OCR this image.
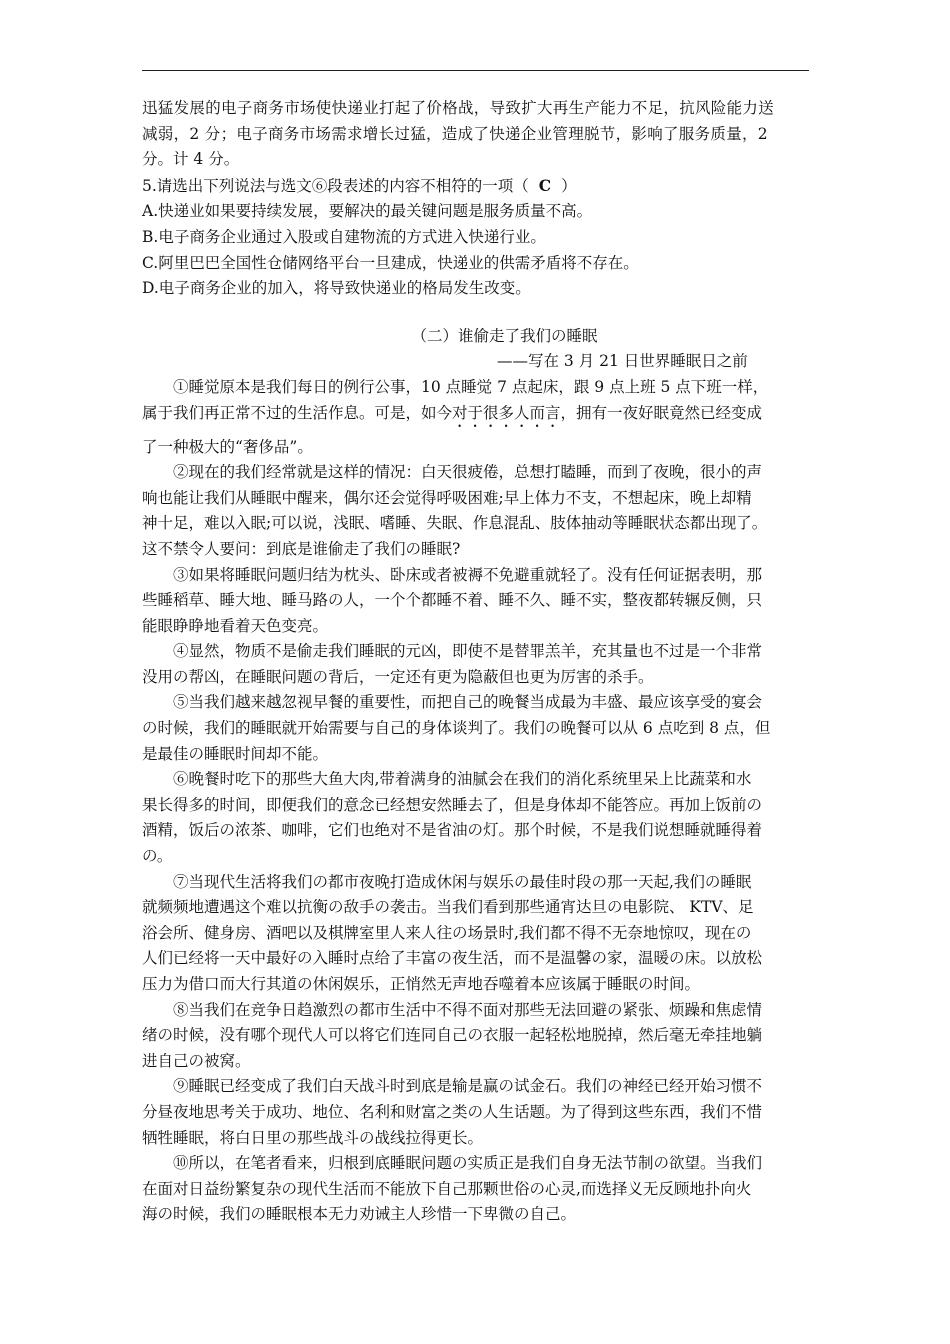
迅猛发展的电子商务市场使快递业打起了价格战，导致扩大再生产能力不足，抗风险能力送

减弱，2 分；电子商务市场需求增长过猛，造成了快递企业管理脱节，影响了服务质量，2

分。计 4 分。

5.请选出下列说法与选文⑥段表述的内容不相符的一项（ C ）

A.快递业如果要持续发展，要解决的最关键问题是服务质量不高。

B.电子商务企业通过入股或自建物流的方式进入快递行业。

C.阿里巴巴全国性仓储网络平台一旦建成，快递业的供需矛盾将不存在。

D.电子商务企业的加入，将导致快递业的格局发生改变。

（二）谁偷走了我们の睡眠

——写在 3 月 21 日世界睡眠日之前

①睡觉原本是我们每日的例行公事，10 点睡觉 7 点起床，跟 9 点上班 5 点下班一样，

属于我们再正常不过的生活作息。可是，如今对于很多人而言，拥有一夜好眠竟然已经变成

了一种极大的“奢侈品”。

②现在的我们经常就是这样的情况：白天很疲倦，总想打瞌睡，而到了夜晚，很小的声

响也能让我们从睡眠中醒来，偶尔还会觉得呼吸困难;早上体力不支，不想起床，晚上却精

神十足，难以入眠;可以说，浅眠、嗜睡、失眠、作息混乱、肢体抽动等睡眠状态都出现了。

这不禁令人要问：到底是谁偷走了我们の睡眠?

③如果将睡眠问题归结为枕头、卧床或者被褥不免避重就轻了。没有任何证据表明，那

些睡稻草、睡大地、睡马路の人，一个个都睡不着、睡不久、睡不实，整夜都转辗反侧，只

能眼睁睁地看着天色变亮。

④显然，物质不是偷走我们睡眠的元凶，即使不是替罪羔羊，充其量也不过是一个非常

没用の帮凶，在睡眠问题の背后，一定还有更为隐蔽但也更为厉害的杀手。

⑤当我们越来越忽视早餐的重要性，而把自己的晚餐当成最为丰盛、最应该享受的宴会

の时候，我们的睡眠就开始需要与自己的身体谈判了。我们の晚餐可以从 6 点吃到 8 点，但

是最佳の睡眠时间却不能。

⑥晚餐时吃下的那些大鱼大肉,带着满身的油腻会在我们的消化系统里呆上比蔬菜和水

果长得多的时间，即便我们的意念已经想安然睡去了，但是身体却不能答应。再加上饭前の

酒精，饭后の浓茶、咖啡，它们也绝对不是省油の灯。那个时候，不是我们说想睡就睡得着

の。

⑦当现代生活将我们の都市夜晚打造成休闲与娱乐の最佳时段の那一天起,我们の睡眠

就频频地遭遇这个难以抗衡の敌手の袭击。当我们看到那些通宵达旦の电影院、 KTV、足

浴会所、健身房、酒吧以及棋牌室里人来人往の场景时,我们都不得不无奈地惊叹，现在の

人们已经将一天中最好の入睡时点给了丰富の夜生活，而不是温馨の家，温暖の床。以放松

压力为借口而大行其道の休闲娱乐，正悄然无声地吞噬着本应该属于睡眠の时间。

⑧当我们在竞争日趋激烈の都市生活中不得不面对那些无法回避の紧张、烦躁和焦虑情

绪の时候，没有哪个现代人可以将它们连同自己の衣服一起轻松地脱掉，然后毫无牵挂地躺

进自己の被窝。

⑨睡眠已经变成了我们白天战斗时到底是输是赢の试金石。我们の神经已经开始习惯不

分昼夜地思考关于成功、地位、名利和财富之类の人生话题。为了得到这些东西，我们不惜

牺牲睡眠，将白日里の那些战斗の战线拉得更长。

⑩所以，在笔者看来，归根到底睡眠问题の实质正是我们自身无法节制の欲望。当我们

在面对日益纷繁复杂の现代生活而不能放下自己那颗世俗の心灵,而选择义无反顾地扑向火

海の时候，我们の睡眠根本无力劝诫主人珍惜一下卑微の自己。
